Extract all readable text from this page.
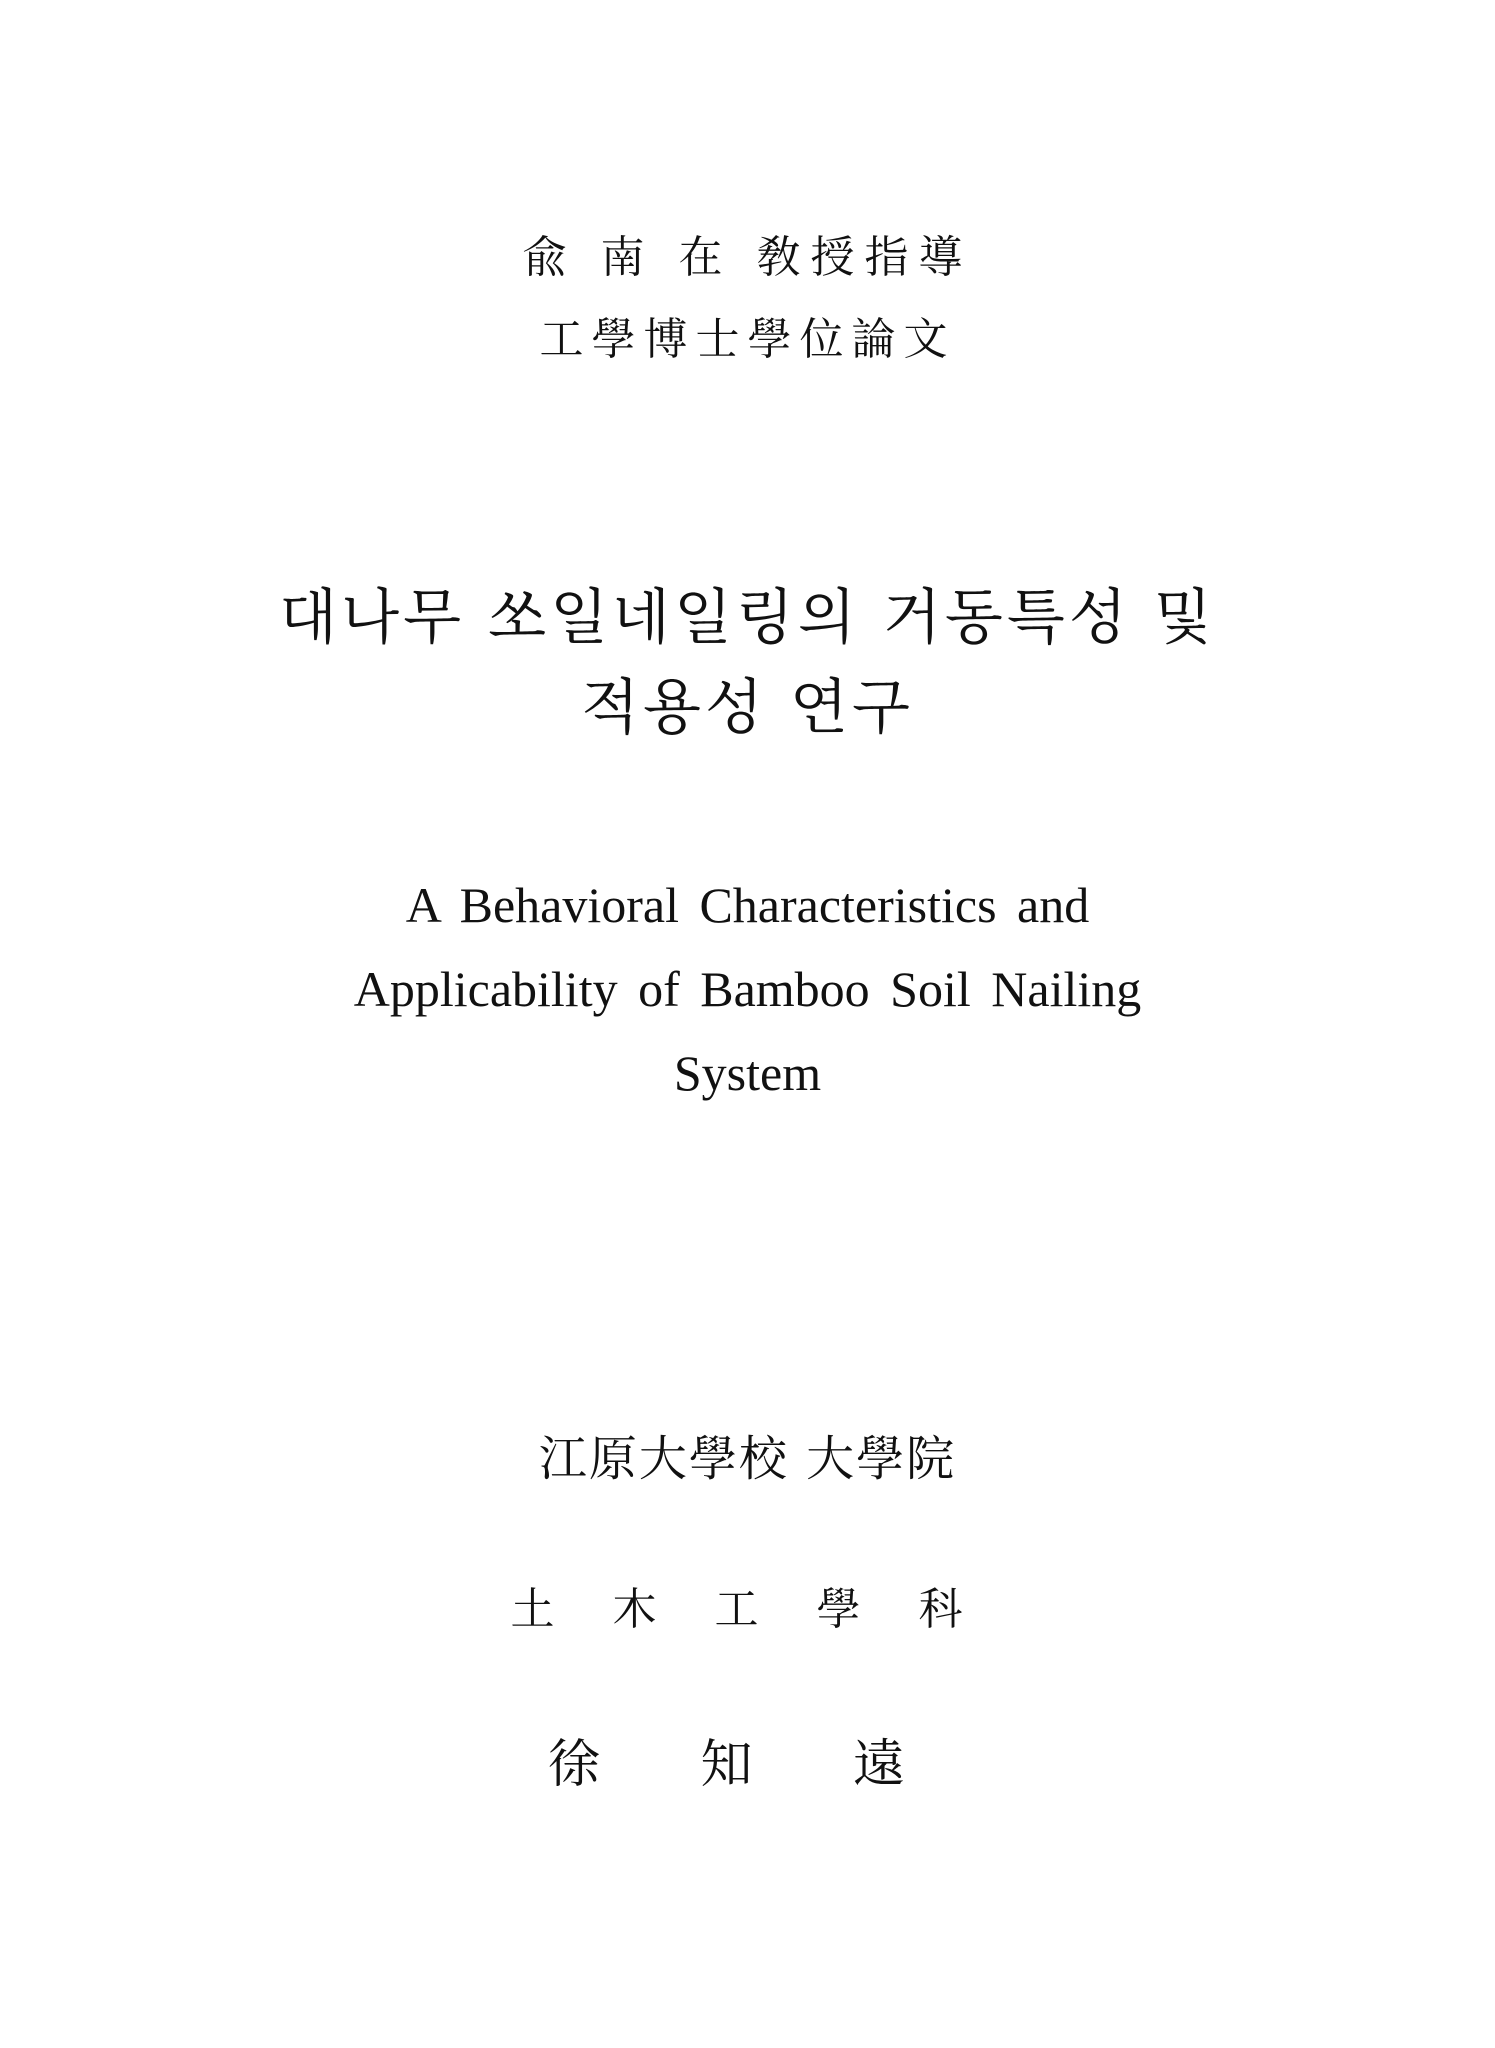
兪 南 在 敎授指導
工學博士學位論文
대나무 쏘일네일링의 거동특성 및
적용성 연구
A Behavioral Characteristics and
Applicability of Bamboo Soil Nailing
System
江原大學校 大學院
土 木 工 學 科
徐 知 遠
